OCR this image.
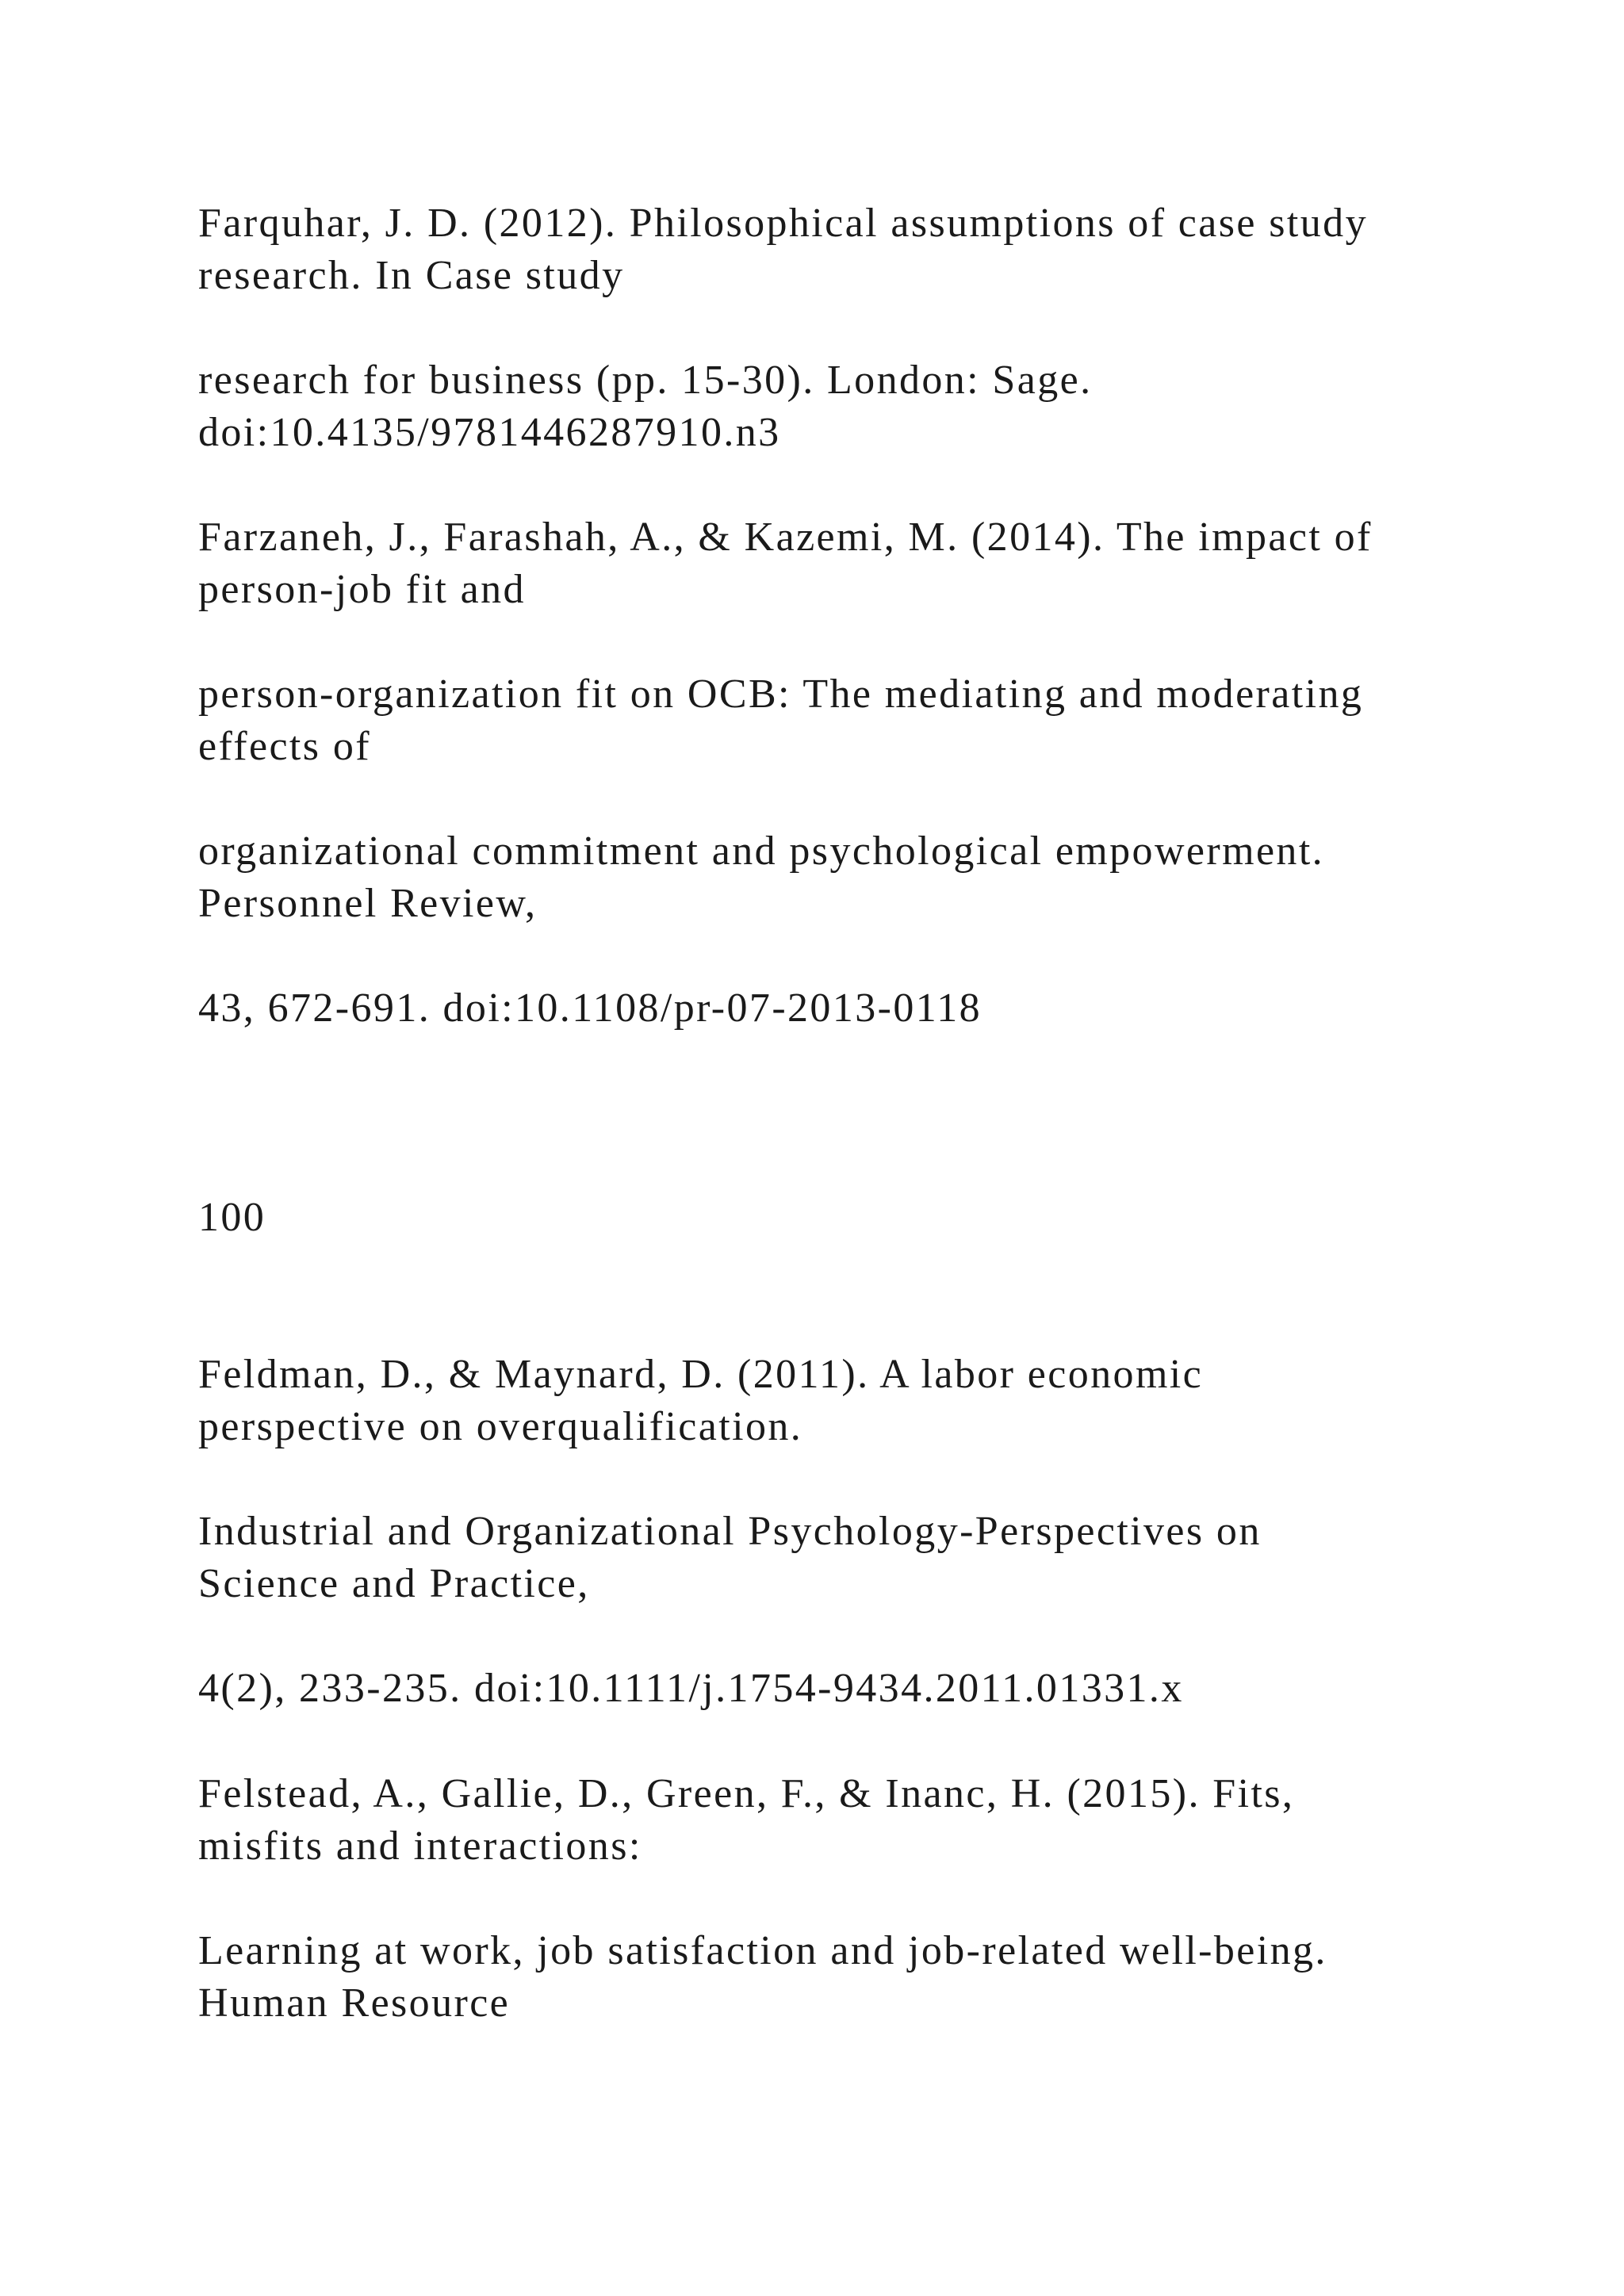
Farquhar, J. D. (2012). Philosophical assumptions of case study
research. In Case study
research for business (pp. 15-30). London: Sage.
doi:10.4135/9781446287910.n3
Farzaneh, J., Farashah, A., & Kazemi, M. (2014). The impact of
person-job fit and
person-organization fit on OCB: The mediating and moderating
effects of
organizational commitment and psychological empowerment.
Personnel Review,
43, 672-691. doi:10.1108/pr-07-2013-0118
100
Feldman, D., & Maynard, D. (2011). A labor economic
perspective on overqualification.
Industrial and Organizational Psychology-Perspectives on
Science and Practice,
4(2), 233-235. doi:10.1111/j.1754-9434.2011.01331.x
Felstead, A., Gallie, D., Green, F., & Inanc, H. (2015). Fits,
misfits and interactions:
Learning at work, job satisfaction and job-related well-being.
Human Resource
